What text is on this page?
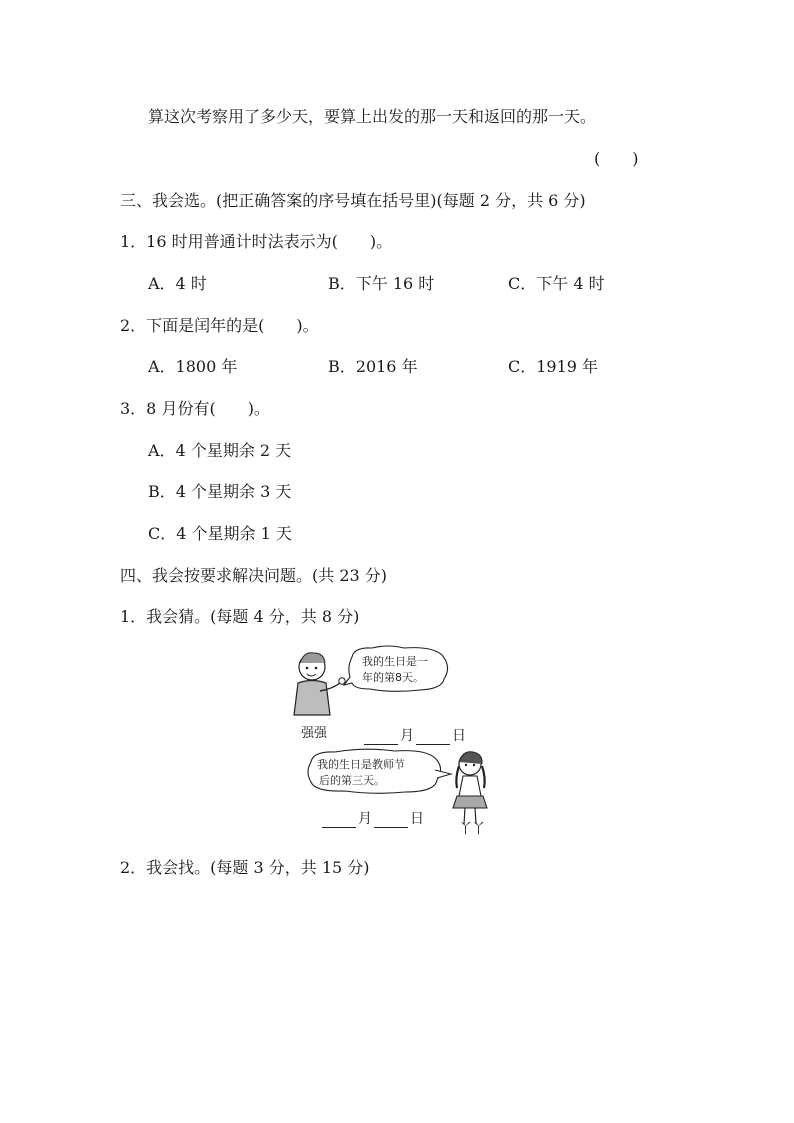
算这次考察用了多少天，要算上出发的那一天和返回的那一天。
(　　)
三、我会选。(把正确答案的序号填在括号里)(每题 2 分，共 6 分)
1．16 时用普通计时法表示为(　　)。
A．4 时	B．下午 16 时	C．下午 4 时
2．下面是闰年的是(　　)。
A．1800 年	B．2016 年	C．1919 年
3．8 月份有(　　)。
A．4 个星期余 2 天
B．4 个星期余 3 天
C．4 个星期余 1 天
四、我会按要求解决问题。(共 23 分)
1．我会猜。(每题 4 分，共 8 分)
我的生日是一
年的第8天。
强强	月	日
我的生日是教师节
后的第三天。
月	日
丫丫
2．我会找。(每题 3 分，共 15 分)
